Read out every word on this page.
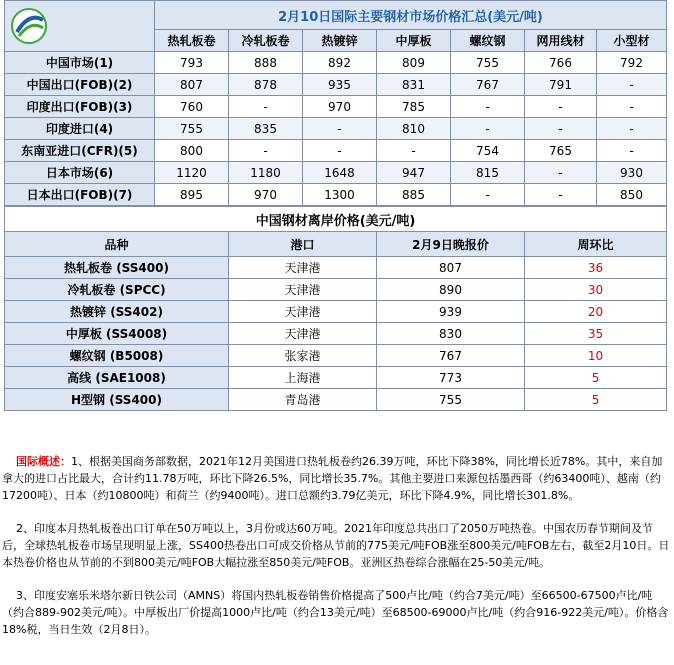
	2月10日国际主要钢材市场价格汇总(美元/吨)						
	热轧板卷	冷轧板卷	热镀锌	中厚板	螺纹钢	网用线材	小型材
中国市场(1)	793	888	892	809	755	766	792
中国出口(FOB)(2)	807	878	935	831	767	791	-
印度出口(FOB)(3)	760	-	970	785	-	-	-
印度进口(4)	755	835	-	810	-	-	-
东南亚进口(CFR)(5)	800	-	-	-	754	765	-
日本市场(6)	1120	1180	1648	947	815	-	930
日本出口(FOB)(7)	895	970	1300	885	-	-	850
中国钢材离岸价格(美元/吨)			
品种	港口	2月9日晚报价	周环比
热轧板卷 (SS400)	天津港	807	36
冷轧板卷 (SPCC)	天津港	890	30
热镀锌 (SS402)	天津港	939	20
中厚板 (SS4008)	天津港	830	35
螺纹钢 (B5008)	张家港	767	10
高线 (SAE1008)	上海港	773	5
H型钢 (SS400)	青岛港	755	5

国际概述：1、根据美国商务部数据，2021年12月美国进口热轧板卷约26.39万吨，环比下降38%，同比增长近78%。其中，来自加拿大的进口占比最大，合计约11.78万吨，环比下降26.5%，同比增长35.7%。其他主要进口来源包括墨西哥（约63400吨）、越南（约17200吨）、日本（约10800吨）和荷兰（约9400吨）。进口总额约3.79亿美元，环比下降4.9%，同比增长301.8%。

2、印度本月热轧板卷出口订单在50万吨以上，3月份或达60万吨。2021年印度总共出口了2050万吨热卷。中国农历春节期间及节后，全球热轧板卷市场呈现明显上涨，SS400热卷出口可成交价格从节前的775美元/吨FOB涨至800美元/吨FOB左右，截至2月10日。日本热卷价格也从节前的不到800美元/吨FOB大幅拉涨至850美元/吨FOB。亚洲区热卷综合涨幅在25-50美元/吨。

3、印度安塞乐米塔尔新日铁公司（AMNS）将国内热轧板卷销售价格提高了500卢比/吨（约合7美元/吨）至66500-67500卢比/吨（约合889-902美元/吨）。中厚板出厂价提高1000卢比/吨（约合13美元/吨）至68500-69000卢比/吨（约合916-922美元/吨）。价格含18%税，当日生效（2月8日）。
